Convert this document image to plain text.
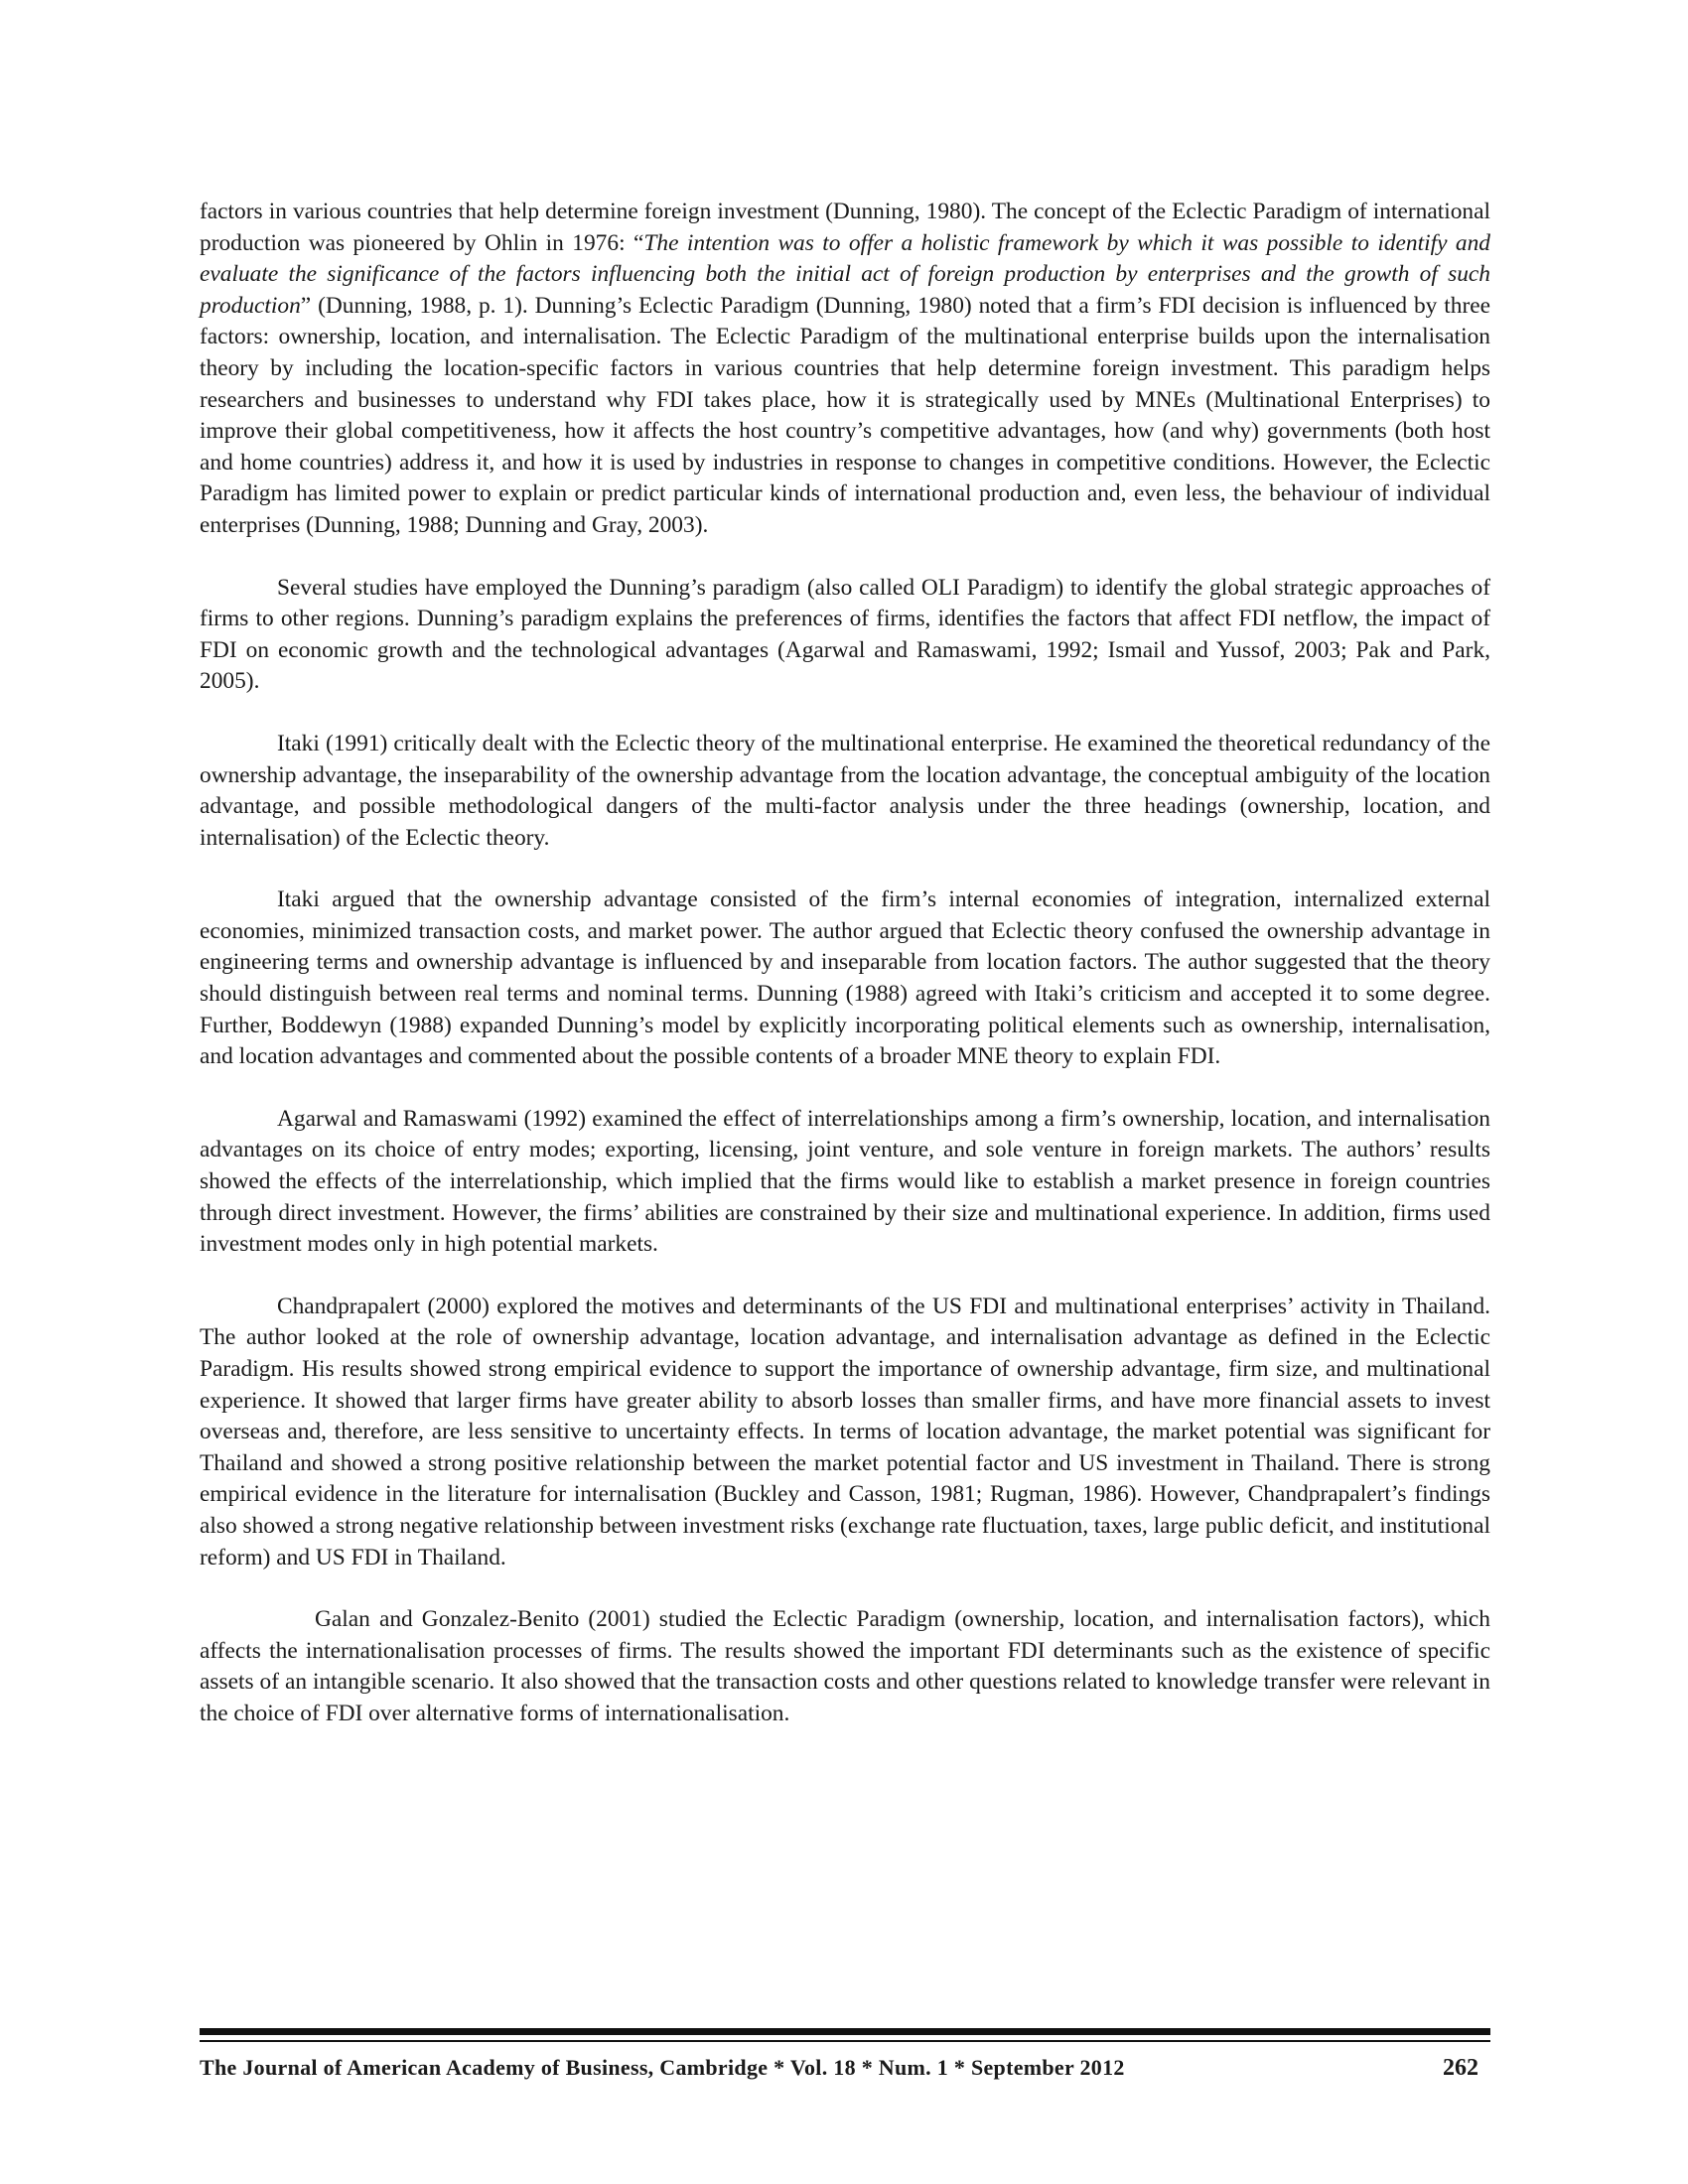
factors in various countries that help determine foreign investment (Dunning, 1980). The concept of the Eclectic Paradigm of international production was pioneered by Ohlin in 1976: “The intention was to offer a holistic framework by which it was possible to identify and evaluate the significance of the factors influencing both the initial act of foreign production by enterprises and the growth of such production” (Dunning, 1988, p. 1). Dunning’s Eclectic Paradigm (Dunning, 1980) noted that a firm’s FDI decision is influenced by three factors: ownership, location, and internalisation. The Eclectic Paradigm of the multinational enterprise builds upon the internalisation theory by including the location-specific factors in various countries that help determine foreign investment. This paradigm helps researchers and businesses to understand why FDI takes place, how it is strategically used by MNEs (Multinational Enterprises) to improve their global competitiveness, how it affects the host country’s competitive advantages, how (and why) governments (both host and home countries) address it, and how it is used by industries in response to changes in competitive conditions. However, the Eclectic Paradigm has limited power to explain or predict particular kinds of international production and, even less, the behaviour of individual enterprises (Dunning, 1988; Dunning and Gray, 2003).

Several studies have employed the Dunning’s paradigm (also called OLI Paradigm) to identify the global strategic approaches of firms to other regions. Dunning’s paradigm explains the preferences of firms, identifies the factors that affect FDI netflow, the impact of FDI on economic growth and the technological advantages (Agarwal and Ramaswami, 1992; Ismail and Yussof, 2003; Pak and Park, 2005).

Itaki (1991) critically dealt with the Eclectic theory of the multinational enterprise. He examined the theoretical redundancy of the ownership advantage, the inseparability of the ownership advantage from the location advantage, the conceptual ambiguity of the location advantage, and possible methodological dangers of the multi-factor analysis under the three headings (ownership, location, and internalisation) of the Eclectic theory.

Itaki argued that the ownership advantage consisted of the firm’s internal economies of integration, internalized external economies, minimized transaction costs, and market power. The author argued that Eclectic theory confused the ownership advantage in engineering terms and ownership advantage is influenced by and inseparable from location factors. The author suggested that the theory should distinguish between real terms and nominal terms. Dunning (1988) agreed with Itaki’s criticism and accepted it to some degree. Further, Boddewyn (1988) expanded Dunning’s model by explicitly incorporating political elements such as ownership, internalisation, and location advantages and commented about the possible contents of a broader MNE theory to explain FDI.

Agarwal and Ramaswami (1992) examined the effect of interrelationships among a firm’s ownership, location, and internalisation advantages on its choice of entry modes; exporting, licensing, joint venture, and sole venture in foreign markets. The authors’ results showed the effects of the interrelationship, which implied that the firms would like to establish a market presence in foreign countries through direct investment. However, the firms’ abilities are constrained by their size and multinational experience. In addition, firms used investment modes only in high potential markets.

Chandprapalert (2000) explored the motives and determinants of the US FDI and multinational enterprises’ activity in Thailand. The author looked at the role of ownership advantage, location advantage, and internalisation advantage as defined in the Eclectic Paradigm. His results showed strong empirical evidence to support the importance of ownership advantage, firm size, and multinational experience. It showed that larger firms have greater ability to absorb losses than smaller firms, and have more financial assets to invest overseas and, therefore, are less sensitive to uncertainty effects. In terms of location advantage, the market potential was significant for Thailand and showed a strong positive relationship between the market potential factor and US investment in Thailand. There is strong empirical evidence in the literature for internalisation (Buckley and Casson, 1981; Rugman, 1986). However, Chandprapalert’s findings also showed a strong negative relationship between investment risks (exchange rate fluctuation, taxes, large public deficit, and institutional reform) and US FDI in Thailand.

Galan and Gonzalez-Benito (2001) studied the Eclectic Paradigm (ownership, location, and internalisation factors), which affects the internationalisation processes of firms. The results showed the important FDI determinants such as the existence of specific assets of an intangible scenario. It also showed that the transaction costs and other questions related to knowledge transfer were relevant in the choice of FDI over alternative forms of internationalisation.

The Journal of American Academy of Business, Cambridge * Vol. 18 * Num. 1 * September 2012	262
